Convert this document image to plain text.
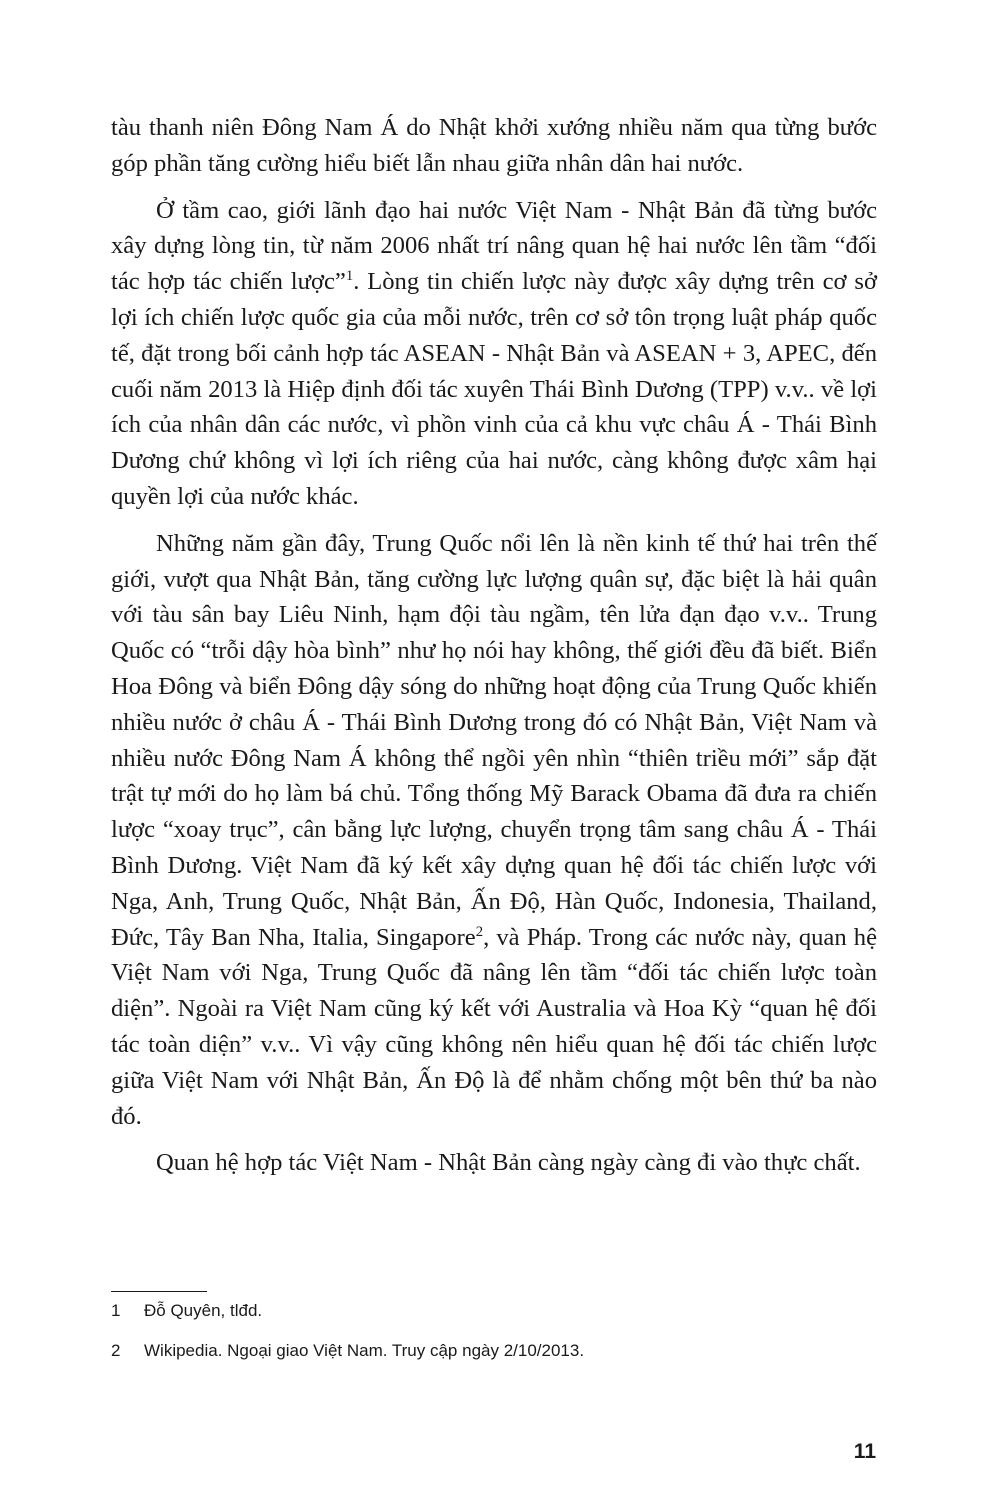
tàu thanh niên Đông Nam Á do Nhật khởi xướng nhiều năm qua từng bước góp phần tăng cường hiểu biết lẫn nhau giữa nhân dân hai nước.

Ở tầm cao, giới lãnh đạo hai nước Việt Nam - Nhật Bản đã từng bước xây dựng lòng tin, từ năm 2006 nhất trí nâng quan hệ hai nước lên tầm “đối tác hợp tác chiến lược”$^1$. Lòng tin chiến lược này được xây dựng trên cơ sở lợi ích chiến lược quốc gia của mỗi nước, trên cơ sở tôn trọng luật pháp quốc tế, đặt trong bối cảnh hợp tác ASEAN - Nhật Bản và ASEAN + 3, APEC, đến cuối năm 2013 là Hiệp định đối tác xuyên Thái Bình Dương (TPP) v.v.. về lợi ích của nhân dân các nước, vì phồn vinh của cả khu vực châu Á - Thái Bình Dương chứ không vì lợi ích riêng của hai nước, càng không được xâm hại quyền lợi của nước khác.

Những năm gần đây, Trung Quốc nổi lên là nền kinh tế thứ hai trên thế giới, vượt qua Nhật Bản, tăng cường lực lượng quân sự, đặc biệt là hải quân với tàu sân bay Liêu Ninh, hạm đội tàu ngầm, tên lửa đạn đạo v.v.. Trung Quốc có “trỗi dậy hòa bình” như họ nói hay không, thế giới đều đã biết. Biển Hoa Đông và biển Đông dậy sóng do những hoạt động của Trung Quốc khiến nhiều nước ở châu Á - Thái Bình Dương trong đó có Nhật Bản, Việt Nam và nhiều nước Đông Nam Á không thể ngồi yên nhìn “thiên triều mới” sắp đặt trật tự mới do họ làm bá chủ. Tổng thống Mỹ Barack Obama đã đưa ra chiến lược “xoay trục”, cân bằng lực lượng, chuyển trọng tâm sang châu Á - Thái Bình Dương. Việt Nam đã ký kết xây dựng quan hệ đối tác chiến lược với Nga, Anh, Trung Quốc, Nhật Bản, Ấn Độ, Hàn Quốc, Indonesia, Thailand, Đức, Tây Ban Nha, Italia, Singapore$^2$, và Pháp. Trong các nước này, quan hệ Việt Nam với Nga, Trung Quốc đã nâng lên tầm “đối tác chiến lược toàn diện”. Ngoài ra Việt Nam cũng ký kết với Australia và Hoa Kỳ “quan hệ đối tác toàn diện” v.v.. Vì vậy cũng không nên hiểu quan hệ đối tác chiến lược giữa Việt Nam với Nhật Bản, Ấn Độ là để nhằm chống một bên thứ ba nào đó.

Quan hệ hợp tác Việt Nam - Nhật Bản càng ngày càng đi vào thực chất.

1	Đỗ Quyên, tlđd.
2	Wikipedia. Ngoại giao Việt Nam. Truy cập ngày 2/10/2013.
11
